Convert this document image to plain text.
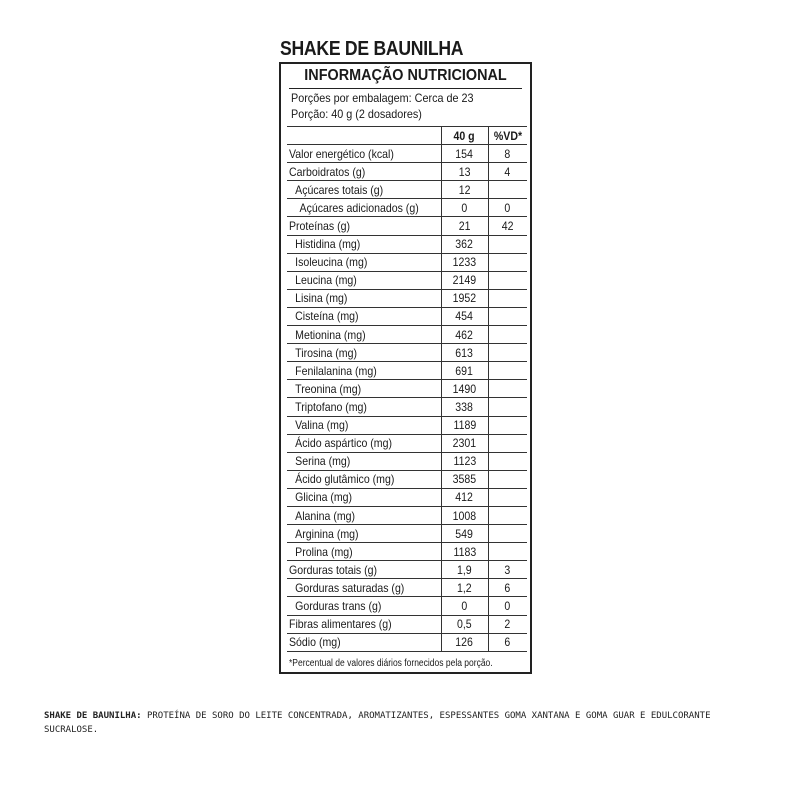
SHAKE DE BAUNILHA
INFORMAÇÃO NUTRICIONAL
Porções por embalagem: Cerca de 23
Porção: 40 g (2 dosadores)
	40 g	%VD*
Valor energético (kcal)	154	8
Carboidratos (g)	13	4
Açúcares totais (g)	12	
Açúcares adicionados (g)	0	0
Proteínas (g)	21	42
Histidina (mg)	362	
Isoleucina (mg)	1233	
Leucina (mg)	2149	
Lisina (mg)	1952	
Cisteína (mg)	454	
Metionina (mg)	462	
Tirosina (mg)	613	
Fenilalanina (mg)	691	
Treonina (mg)	1490	
Triptofano (mg)	338	
Valina (mg)	1189	
Ácido aspártico (mg)	2301	
Serina (mg)	1123	
Ácido glutâmico (mg)	3585	
Glicina (mg)	412	
Alanina (mg)	1008	
Arginina (mg)	549	
Prolina (mg)	1183	
Gorduras totais (g)	1,9	3
Gorduras saturadas (g)	1,2	6
Gorduras trans (g)	0	0
Fibras alimentares (g)	0,5	2
Sódio (mg)	126	6
*Percentual de valores diários fornecidos pela porção.
SHAKE DE BAUNILHA: PROTEÍNA DE SORO DO LEITE CONCENTRADA, AROMATIZANTES, ESPESSANTES GOMA XANTANA E GOMA GUAR E EDULCORANTE SUCRALOSE.
